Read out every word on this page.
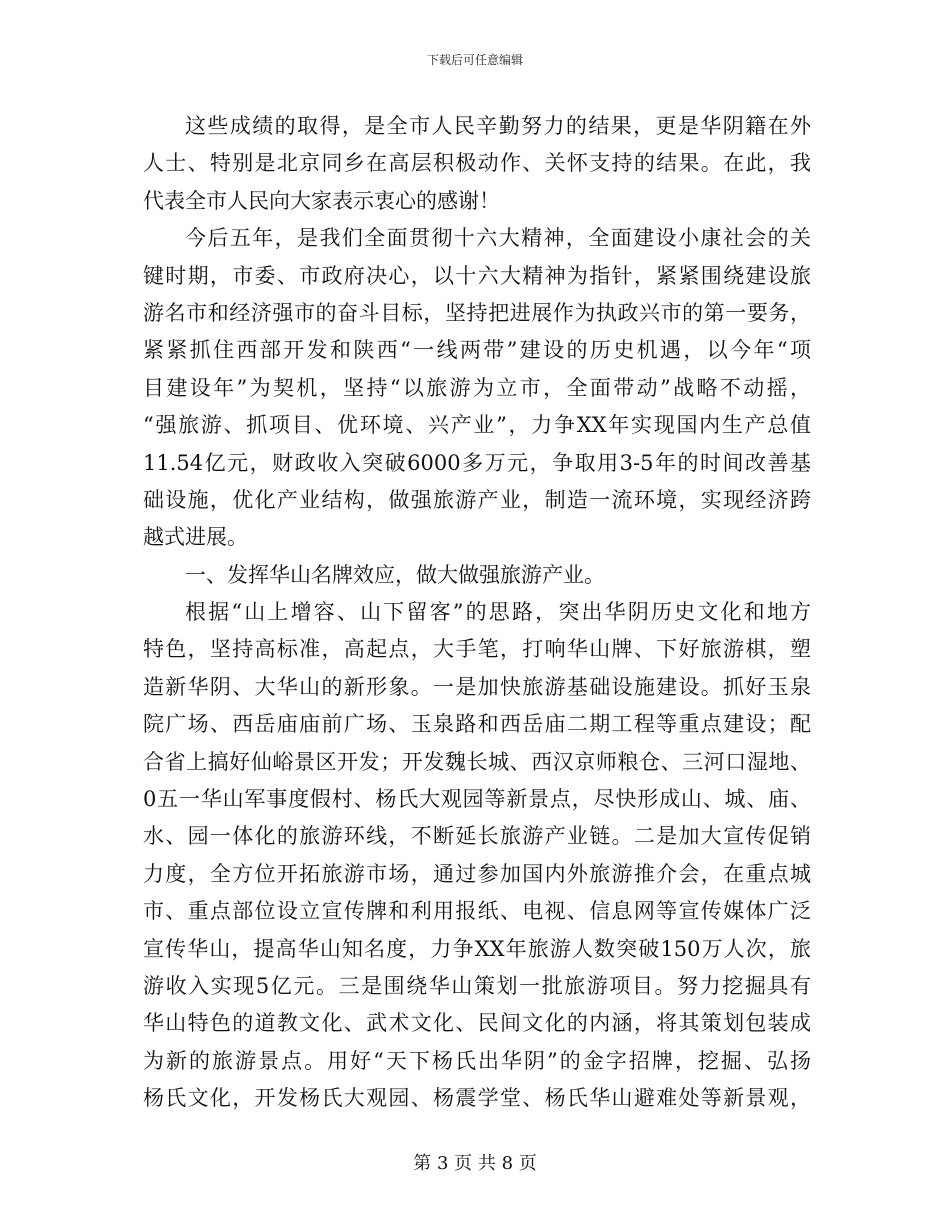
下载后可任意编辑
这些成绩的取得，是全市人民辛勤努力的结果，更是华阴籍在外
人士、特别是北京同乡在高层积极动作、关怀支持的结果。在此，我
代表全市人民向大家表示衷心的感谢！
今后五年，是我们全面贯彻十六大精神，全面建设小康社会的关
键时期，市委、市政府决心，以十六大精神为指针，紧紧围绕建设旅
游名市和经济强市的奋斗目标，坚持把进展作为执政兴市的第一要务，
紧紧抓住西部开发和陕西“一线两带”建设的历史机遇，以今年“项
目建设年”为契机，坚持“以旅游为立市，全面带动”战略不动摇，
“强旅游、抓项目、优环境、兴产业”，力争XX年实现国内生产总值
11.54亿元，财政收入突破6000多万元，争取用3-5年的时间改善基
础设施，优化产业结构，做强旅游产业，制造一流环境，实现经济跨
越式进展。
一、发挥华山名牌效应，做大做强旅游产业。
根据“山上增容、山下留客”的思路，突出华阴历史文化和地方
特色，坚持高标准，高起点，大手笔，打响华山牌、下好旅游棋，塑
造新华阴、大华山的新形象。一是加快旅游基础设施建设。抓好玉泉
院广场、西岳庙庙前广场、玉泉路和西岳庙二期工程等重点建设；配
合省上搞好仙峪景区开发；开发魏长城、西汉京师粮仓、三河口湿地、
0五一华山军事度假村、杨氏大观园等新景点，尽快形成山、城、庙、
水、园一体化的旅游环线，不断延长旅游产业链。二是加大宣传促销
力度，全方位开拓旅游市场，通过参加国内外旅游推介会，在重点城
市、重点部位设立宣传牌和利用报纸、电视、信息网等宣传媒体广泛
宣传华山，提高华山知名度，力争XX年旅游人数突破150万人次，旅
游收入实现5亿元。三是围绕华山策划一批旅游项目。努力挖掘具有
华山特色的道教文化、武术文化、民间文化的内涵，将其策划包装成
为新的旅游景点。用好“天下杨氏出华阴”的金字招牌，挖掘、弘扬
杨氏文化，开发杨氏大观园、杨震学堂、杨氏华山避难处等新景观，
第 3 页 共 8 页
